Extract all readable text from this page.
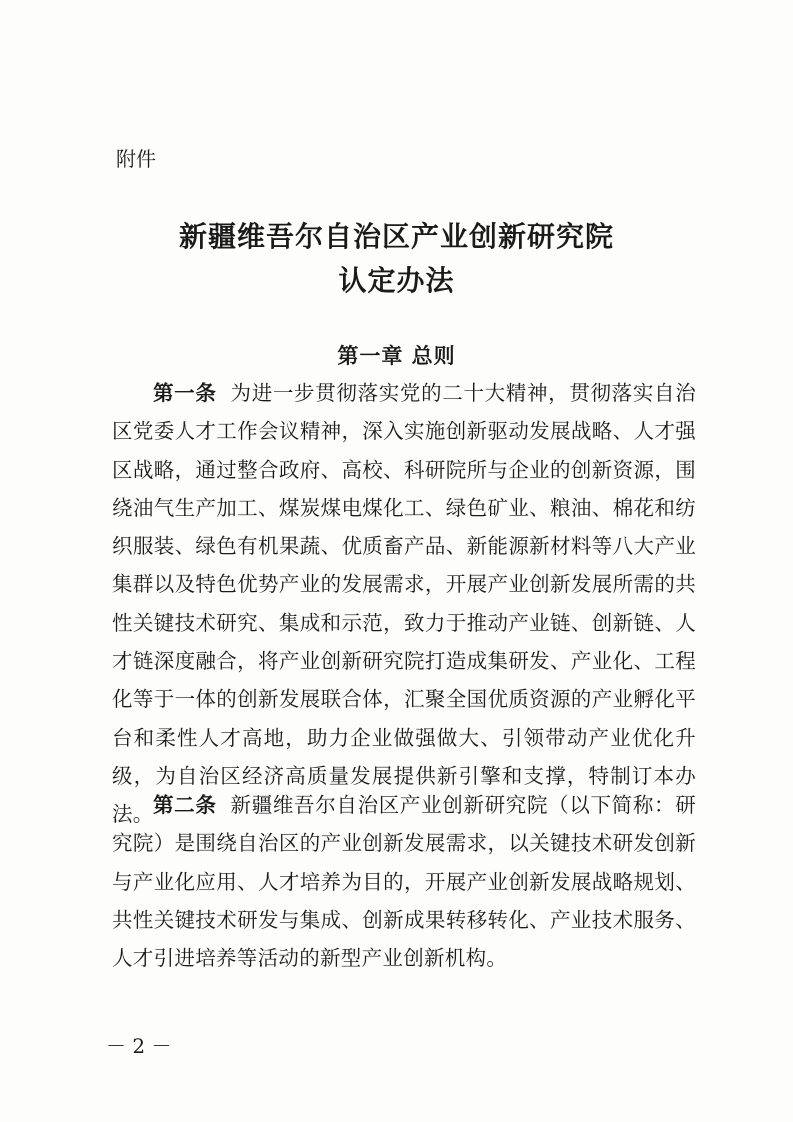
附件

新疆维吾尔自治区产业创新研究院
认定办法
第一章 总则

第一条 为进一步贯彻落实党的二十大精神，贯彻落实自治区党委人才工作会议精神，深入实施创新驱动发展战略、人才强区战略，通过整合政府、高校、科研院所与企业的创新资源，围绕油气生产加工、煤炭煤电煤化工、绿色矿业、粮油、棉花和纺织服装、绿色有机果蔬、优质畜产品、新能源新材料等八大产业集群以及特色优势产业的发展需求，开展产业创新发展所需的共性关键技术研究、集成和示范，致力于推动产业链、创新链、人才链深度融合，将产业创新研究院打造成集研发、产业化、工程化等于一体的创新发展联合体，汇聚全国优质资源的产业孵化平台和柔性人才高地，助力企业做强做大、引领带动产业优化升级，为自治区经济高质量发展提供新引擎和支撑，特制订本办法。 第二条 新疆维吾尔自治区产业创新研究院（以下简称：研究院）是围绕自治区的产业创新发展需求，以关键技术研发创新与产业化应用、人才培养为目的，开展产业创新发展战略规划、共性关键技术研发与集成、创新成果转移转化、产业技术服务、人才引进培养等活动的新型产业创新机构。

－ 2 －
